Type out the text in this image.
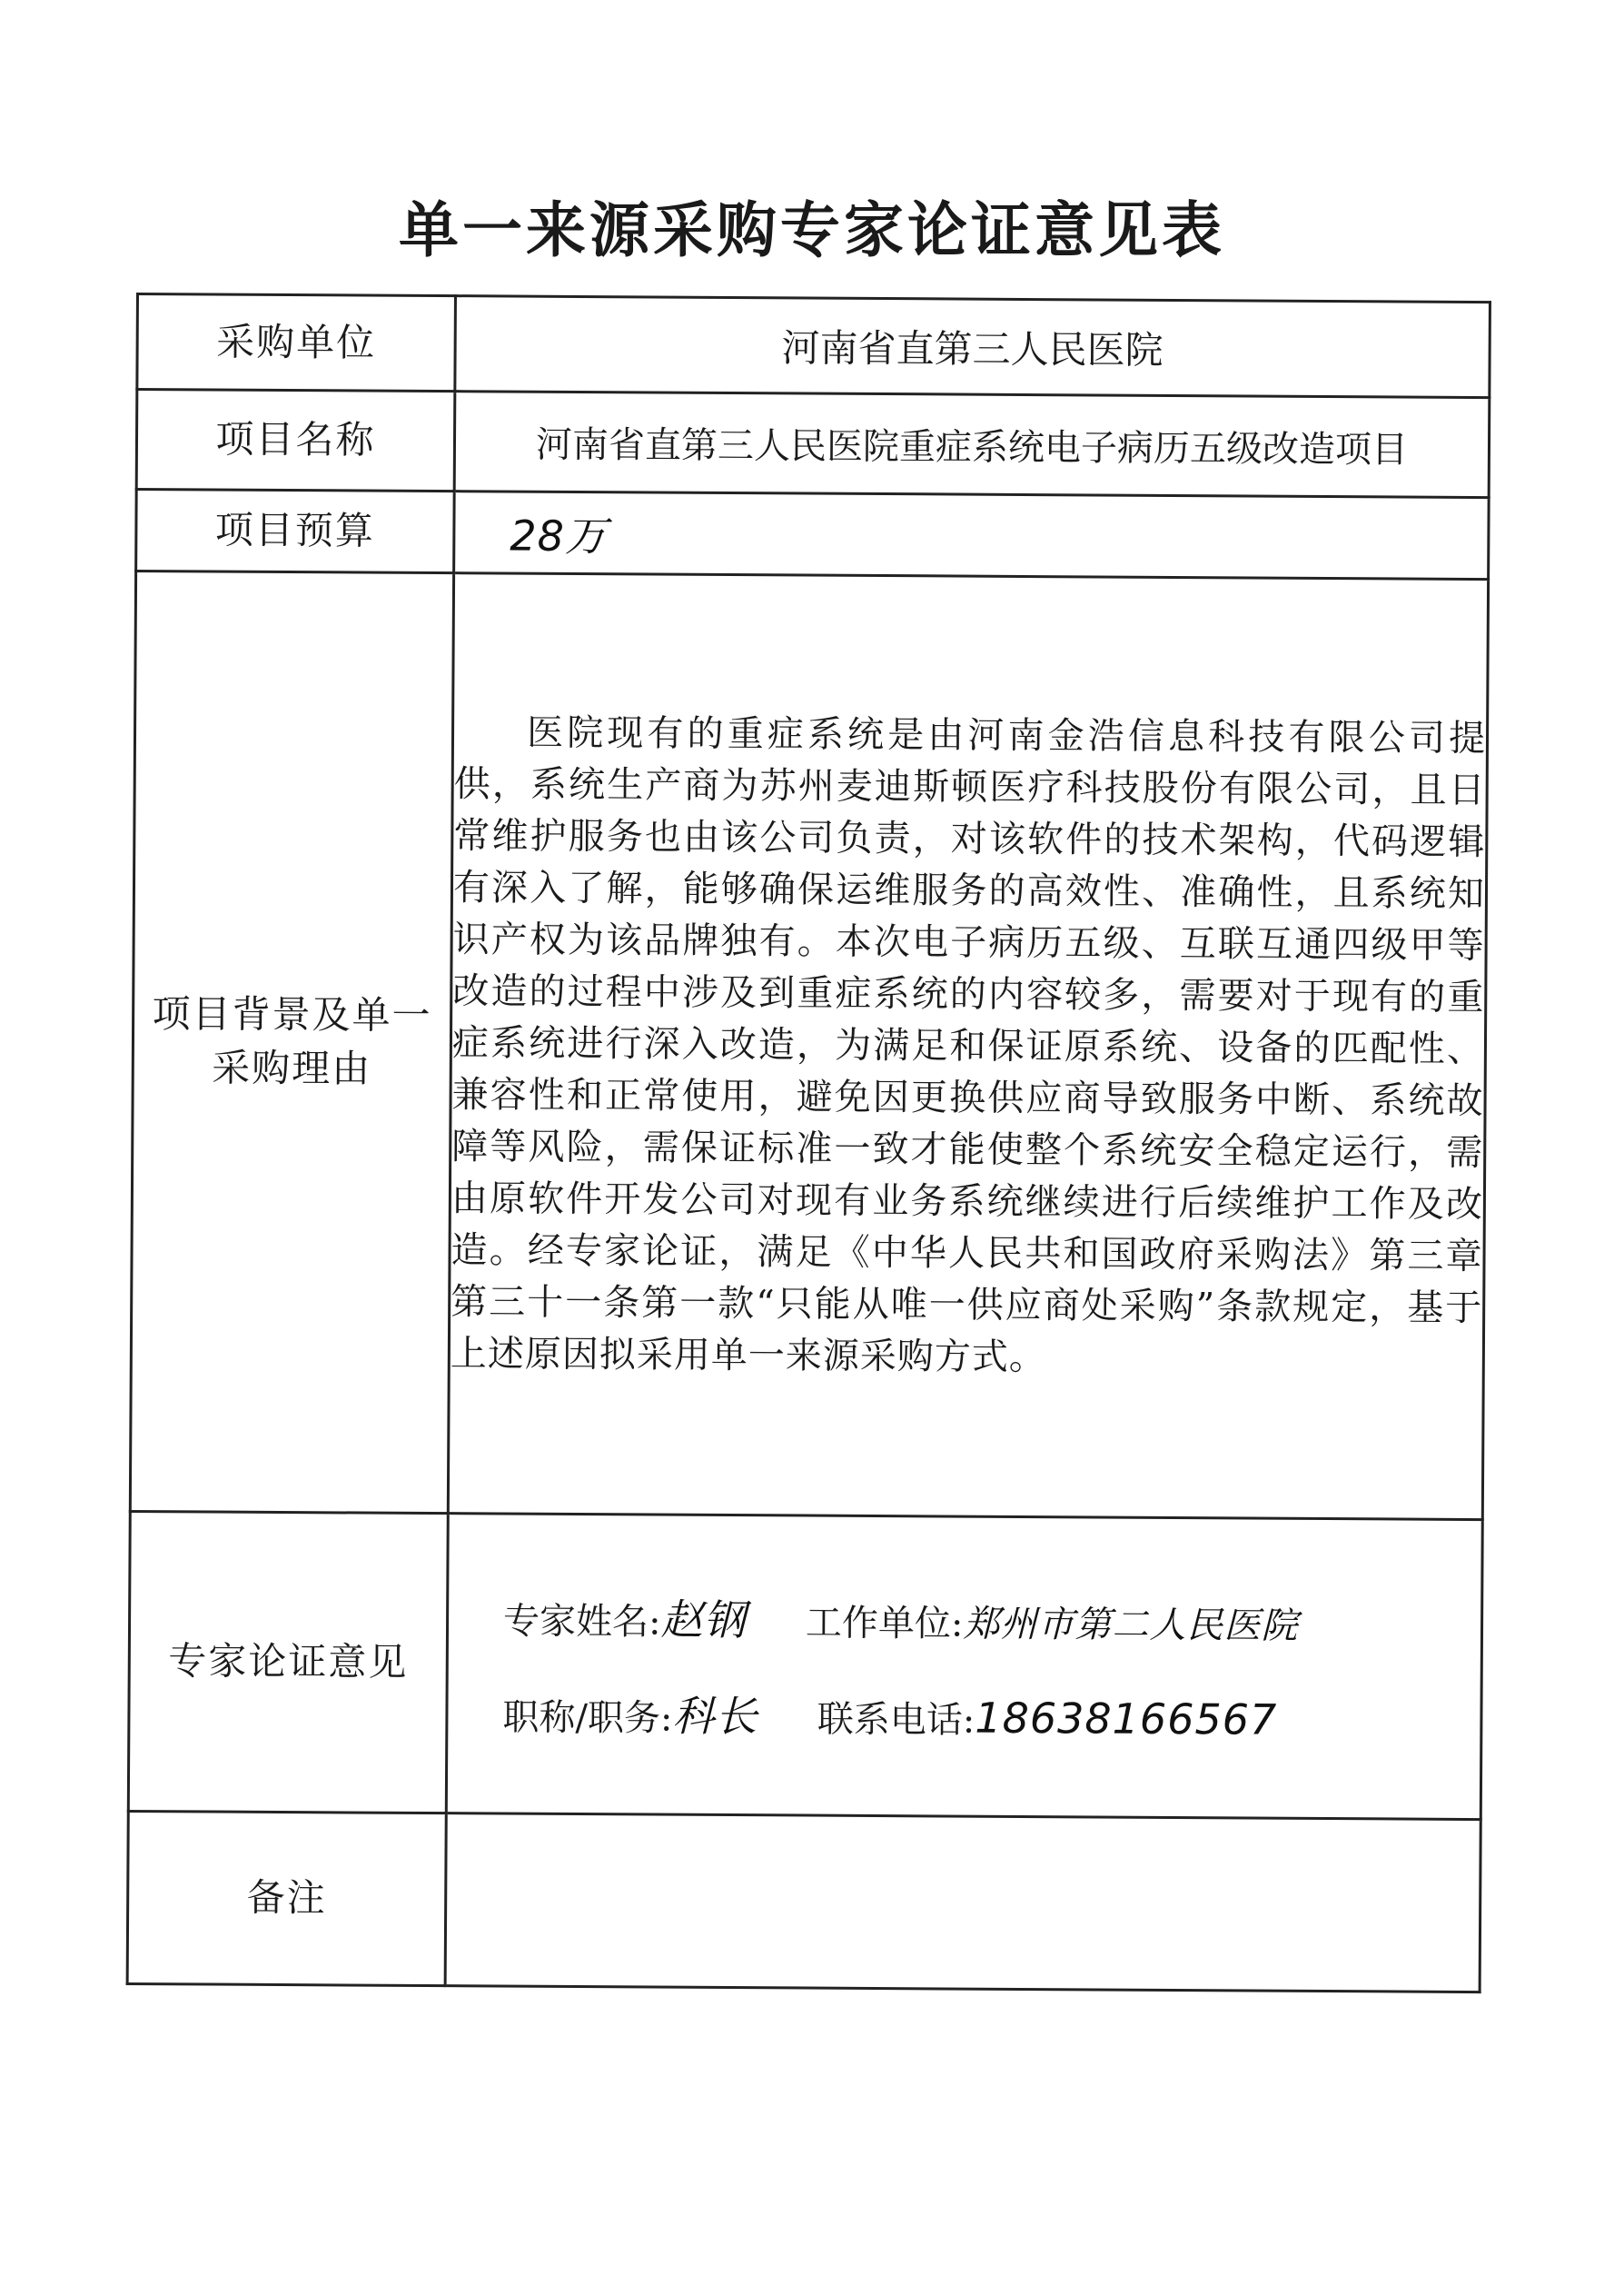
单一来源采购专家论证意见表
采购单位	河南省直第三人民医院
项目名称	河南省直第三人民医院重症系统电子病历五级改造项目
项目预算	28万

项目背景及单一
采购理由	医院现有的重症系统是由河南金浩信息科技有限公司提供，系统生产商为苏州麦迪斯顿医疗科技股份有限公司，且日常维护服务也由该公司负责，对该软件的技术架构，代码逻辑有深入了解，能够确保运维服务的高效性、准确性，且系统知识产权为该品牌独有。本次电子病历五级、互联互通四级甲等改造的过程中涉及到重症系统的内容较多，需要对于现有的重症系统进行深入改造，为满足和保证原系统、设备的匹配性、兼容性和正常使用，避免因更换供应商导致服务中断、系统故障等风险，需保证标准一致才能使整个系统安全稳定运行，需由原软件开发公司对现有业务系统继续进行后续维护工作及改造。经专家论证，满足《中华人民共和国政府采购法》第三章第三十一条第一款“只能从唯一供应商处采购”条款规定，基于上述原因拟采用单一来源采购方式。
专家论证意见	专家姓名:赵钢 工作单位:郑州市第二人民医院
职称/职务:科长 联系电话:18638166567

备注	
